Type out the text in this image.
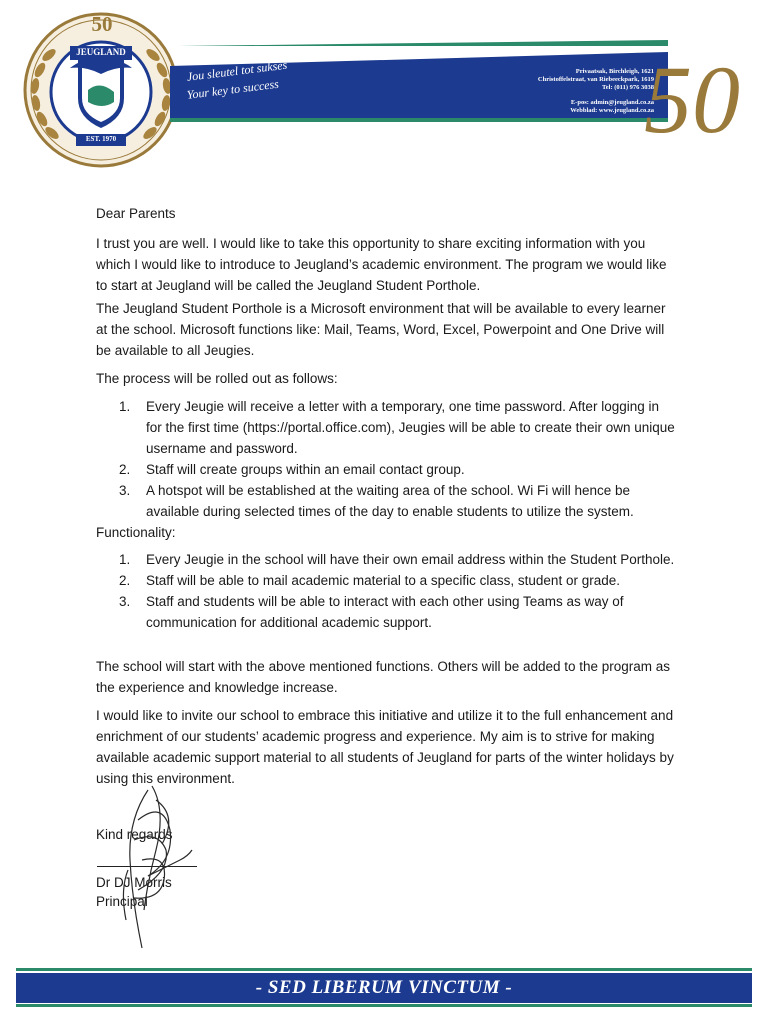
50
JEUGLAND
EST. 1970
Jou sleutel tot sukses
Your key to success
Privaatsak, Birchleigh, 1621
Christoffelstraat, van Riebeeckpark, 1619
Tel: (011) 976 3038
E-pos: admin@jeugland.co.za
Webblad: www.jeugland.co.za
50
Dear Parents
I trust you are well. I would like to take this opportunity to share exciting information with you which I would like to introduce to Jeugland’s academic environment. The program we would like to start at Jeugland will be called the Jeugland Student Porthole.
The Jeugland Student Porthole is a Microsoft environment that will be available to every learner at the school. Microsoft functions like: Mail, Teams, Word, Excel, Powerpoint and One Drive will be available to all Jeugies.
The process will be rolled out as follows:
1. Every Jeugie will receive a letter with a temporary, one time password. After logging in for the first time (https://portal.office.com), Jeugies will be able to create their own unique username and password.
2. Staff will create groups within an email contact group.
3. A hotspot will be established at the waiting area of the school. Wi Fi will hence be available during selected times of the day to enable students to utilize the system.
Functionality:
1. Every Jeugie in the school will have their own email address within the Student Porthole.
2. Staff will be able to mail academic material to a specific class, student or grade.
3. Staff and students will be able to interact with each other using Teams as way of communication for additional academic support.
The school will start with the above mentioned functions. Others will be added to the program as the experience and knowledge increase.
I would like to invite our school to embrace this initiative and utilize it to the full enhancement and enrichment of our students’ academic progress and experience. My aim is to strive for making available academic support material to all students of Jeugland for parts of the winter holidays by using this environment.
Kind regards
Dr DJ Morris
Principal
- SED LIBERUM VINCTUM -
